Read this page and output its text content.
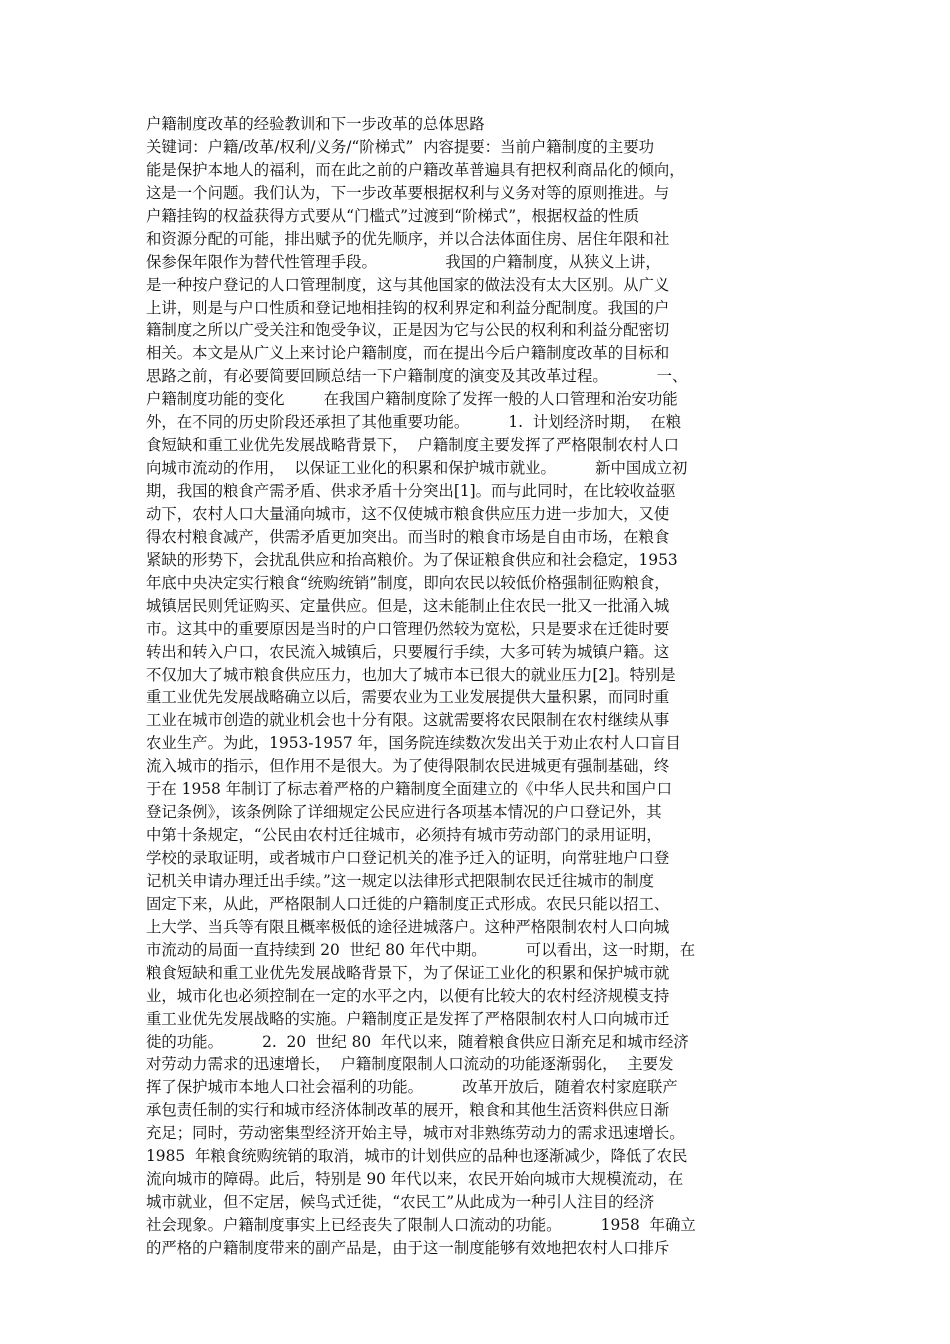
户籍制度改革的经验教训和下一步改革的总体思路
关键词：户籍/改革/权利/义务/“阶梯式”  内容提要：当前户籍制度的主要功
能是保护本地人的福利，而在此之前的户籍改革普遍具有把权利商品化的倾向，
这是一个问题。我们认为，下一步改革要根据权利与义务对等的原则推进。与
户籍挂钩的权益获得方式要从“门槛式”过渡到“阶梯式”，根据权益的性质
和资源分配的可能，排出赋予的优先顺序，并以合法体面住房、居住年限和社
保参保年限作为替代性管理手段。              我国的户籍制度，从狭义上讲，
是一种按户登记的人口管理制度，这与其他国家的做法没有太大区别。从广义
上讲，则是与户口性质和登记地相挂钩的权利界定和利益分配制度。我国的户
籍制度之所以广受关注和饱受争议，正是因为它与公民的权利和利益分配密切
相关。本文是从广义上来讨论户籍制度，而在提出今后户籍制度改革的目标和
思路之前，有必要简要回顾总结一下户籍制度的演变及其改革过程。          一、
户籍制度功能的变化        在我国户籍制度除了发挥一般的人口管理和治安功能
外，在不同的历史阶段还承担了其他重要功能。        1.  计划经济时期，  在粮
食短缺和重工业优先发展战略背景下，  户籍制度主要发挥了严格限制农村人口
向城市流动的作用，  以保证工业化的积累和保护城市就业。        新中国成立初
期，我国的粮食产需矛盾、供求矛盾十分突出[1]。而与此同时，在比较收益驱
动下，农村人口大量涌向城市，这不仅使城市粮食供应压力进一步加大，又使
得农村粮食减产，供需矛盾更加突出。而当时的粮食市场是自由市场，在粮食
紧缺的形势下，会扰乱供应和抬高粮价。为了保证粮食供应和社会稳定，1953
年底中央决定实行粮食“统购统销”制度，即向农民以较低价格强制征购粮食，
城镇居民则凭证购买、定量供应。但是，这未能制止住农民一批又一批涌入城
市。这其中的重要原因是当时的户口管理仍然较为宽松，只是要求在迁徙时要
转出和转入户口，农民流入城镇后，只要履行手续，大多可转为城镇户籍。这
不仅加大了城市粮食供应压力，也加大了城市本已很大的就业压力[2]。特别是
重工业优先发展战略确立以后，需要农业为工业发展提供大量积累，而同时重
工业在城市创造的就业机会也十分有限。这就需要将农民限制在农村继续从事
农业生产。为此，1953-1957 年，国务院连续数次发出关于劝止农村人口盲目
流入城市的指示，但作用不是很大。为了使得限制农民进城更有强制基础，终
于在 1958 年制订了标志着严格的户籍制度全面建立的《中华人民共和国户口
登记条例》，该条例除了详细规定公民应进行各项基本情况的户口登记外，其
中第十条规定，“公民由农村迁往城市，必须持有城市劳动部门的录用证明，
学校的录取证明，或者城市户口登记机关的准予迁入的证明，向常驻地户口登
记机关申请办理迁出手续。”这一规定以法律形式把限制农民迁往城市的制度
固定下来，从此，严格限制人口迁徙的户籍制度正式形成。农民只能以招工、
上大学、当兵等有限且概率极低的途径进城落户。这种严格限制农村人口向城
市流动的局面一直持续到 20  世纪 80 年代中期。        可以看出，这一时期，在
粮食短缺和重工业优先发展战略背景下，为了保证工业化的积累和保护城市就
业，城市化也必须控制在一定的水平之内，以便有比较大的农村经济规模支持
重工业优先发展战略的实施。户籍制度正是发挥了严格限制农村人口向城市迁
徙的功能。        2.  20  世纪 80  年代以来，随着粮食供应日渐充足和城市经济
对劳动力需求的迅速增长，  户籍制度限制人口流动的功能逐渐弱化，  主要发
挥了保护城市本地人口社会福利的功能。        改革开放后，随着农村家庭联产
承包责任制的实行和城市经济体制改革的展开，粮食和其他生活资料供应日渐
充足；同时，劳动密集型经济开始主导，城市对非熟练劳动力的需求迅速增长。
1985  年粮食统购统销的取消，城市的计划供应的品种也逐渐减少，降低了农民
流向城市的障碍。此后，特别是 90 年代以来，农民开始向城市大规模流动，在
城市就业，但不定居，候鸟式迁徙，“农民工”从此成为一种引人注目的经济
社会现象。户籍制度事实上已经丧失了限制人口流动的功能。        1958  年确立
的严格的户籍制度带来的副产品是，由于这一制度能够有效地把农村人口排斥
